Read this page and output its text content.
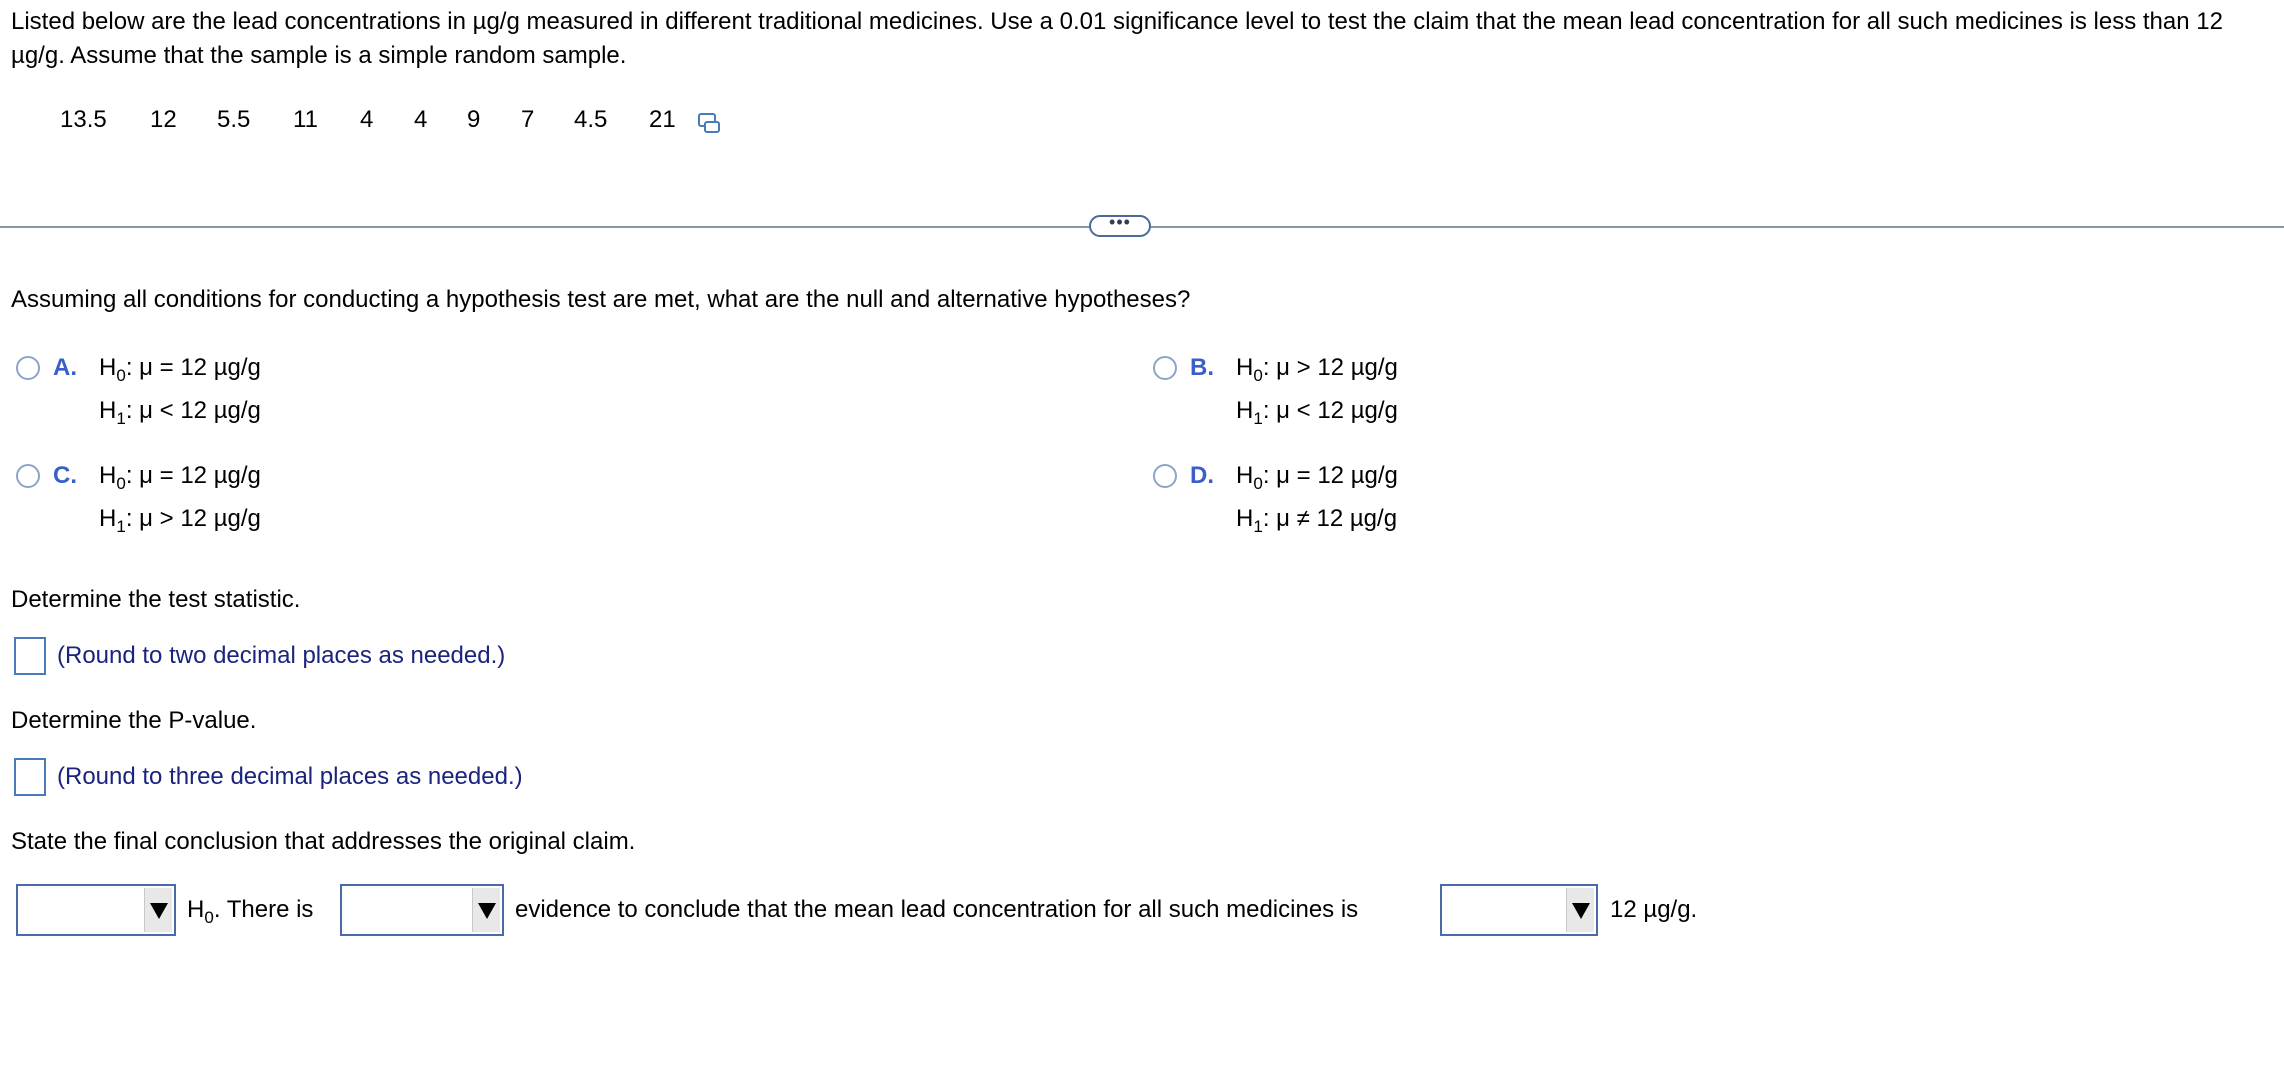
Listed below are the lead concentrations in µg/g measured in different traditional medicines. Use a 0.01 significance level to test the claim that the mean lead concentration for all such medicines is less than 12 µg/g. Assume that the sample is a simple random sample.
13.5 12 5.5 11 4 4 9 7 4.5 21
•••
Assuming all conditions for conducting a hypothesis test are met, what are the null and alternative hypotheses?
A. $H_0$: μ = 12 µg/g
$H_1$: μ < 12 µg/g
B. $H_0$: μ > 12 µg/g
$H_1$: μ < 12 µg/g
C. $H_0$: μ = 12 µg/g
$H_1$: μ > 12 µg/g
D. $H_0$: μ = 12 µg/g
$H_1$: μ ≠ 12 µg/g
Determine the test statistic.
(Round to two decimal places as needed.)
Determine the P-value.
(Round to three decimal places as needed.)
State the final conclusion that addresses the original claim.
$H_0$. There is	evidence to conclude that the mean lead concentration for all such medicines is	12 µg/g.
